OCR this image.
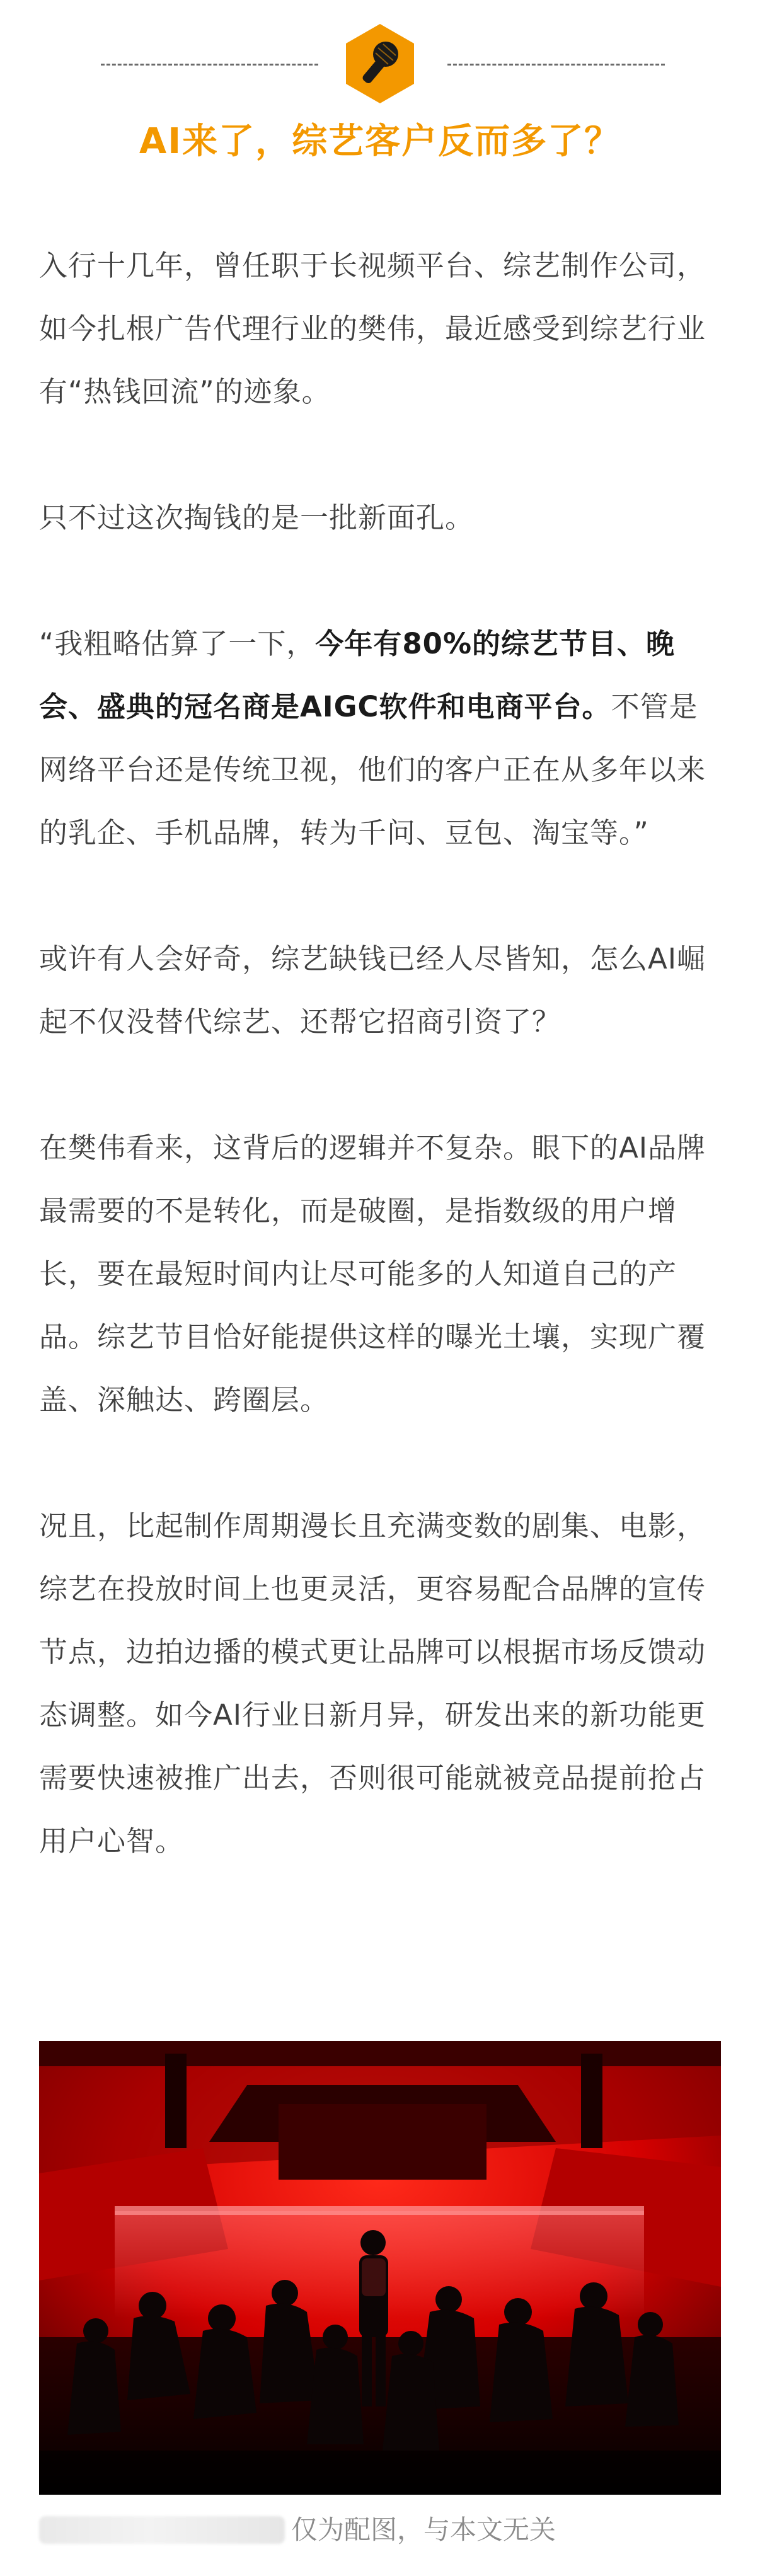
AI来了，综艺客户反而多了？

入行十几年，曾任职于长视频平台、综艺制作公司，如今扎根广告代理行业的樊伟，最近感受到综艺行业有“热钱回流”的迹象。

只不过这次掏钱的是一批新面孔。

“我粗略估算了一下，今年有80%的综艺节目、晚会、盛典的冠名商是AIGC软件和电商平台。不管是网络平台还是传统卫视，他们的客户正在从多年以来的乳企、手机品牌，转为千问、豆包、淘宝等。”

或许有人会好奇，综艺缺钱已经人尽皆知，怎么AI崛起不仅没替代综艺、还帮它招商引资了？

在樊伟看来，这背后的逻辑并不复杂。眼下的AI品牌最需要的不是转化，而是破圈，是指数级的用户增长，要在最短时间内让尽可能多的人知道自己的产品。综艺节目恰好能提供这样的曝光土壤，实现广覆盖、深触达、跨圈层。

况且，比起制作周期漫长且充满变数的剧集、电影，综艺在投放时间上也更灵活，更容易配合品牌的宣传节点，边拍边播的模式更让品牌可以根据市场反馈动态调整。如今AI行业日新月异，研发出来的新功能更需要快速被推广出去，否则很可能就被竞品提前抢占用户心智。

仅为配图，与本文无关
